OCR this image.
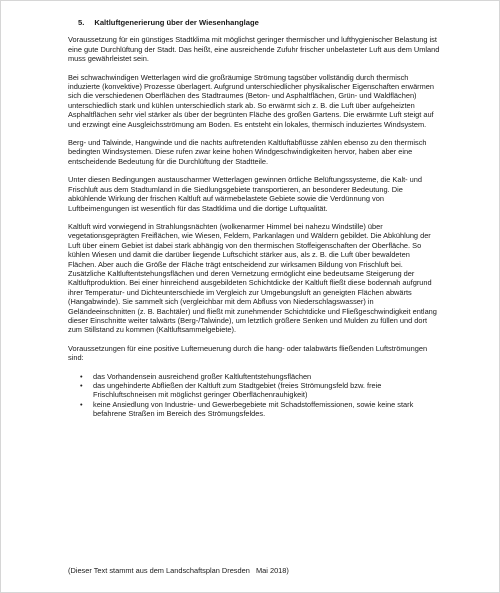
5. Kaltluftgenerierung über der Wiesenhanglage

Voraussetzung für ein günstiges Stadtklima mit möglichst geringer thermischer und lufthygienischer Belastung ist eine gute Durchlüftung der Stadt. Das heißt, eine ausreichende Zufuhr frischer unbelasteter Luft aus dem Umland muss gewährleistet sein.

Bei schwachwindigen Wetterlagen wird die großräumige Strömung tagsüber vollständig durch thermisch induzierte (konvektive) Prozesse überlagert. Aufgrund unterschiedlicher physikalischer Eigenschaften erwärmen sich die verschiedenen Oberflächen des Stadtraumes (Beton- und Asphaltflächen, Grün- und Waldflächen) unterschiedlich stark und kühlen unterschiedlich stark ab. So erwärmt sich z. B. die Luft über aufgeheizten Asphaltflächen sehr viel stärker als über der begrünten Fläche des großen Gartens. Die erwärmte Luft steigt auf und erzwingt eine Ausgleichsströmung am Boden. Es entsteht ein lokales, thermisch induziertes Windsystem.

Berg- und Talwinde, Hangwinde und die nachts auftretenden Kaltluftabflüsse zählen ebenso zu den thermisch bedingten Windsystemen. Diese rufen zwar keine hohen Windgeschwindigkeiten hervor, haben aber eine entscheidende Bedeutung für die Durchlüftung der Stadtteile.

Unter diesen Bedingungen austauscharmer Wetterlagen gewinnen örtliche Belüftungssysteme, die Kalt- und Frischluft aus dem Stadtumland in die Siedlungsgebiete transportieren, an besonderer Bedeutung. Die abkühlende Wirkung der frischen Kaltluft auf wärmebelastete Gebiete sowie die Verdünnung von Luftbeimengungen ist wesentlich für das Stadtklima und die dortige Luftqualität.

Kaltluft wird vorwiegend in Strahlungsnächten (wolkenarmer Himmel bei nahezu Windstille) über vegetationsgeprägten Freiflächen, wie Wiesen, Feldern, Parkanlagen und Wäldern gebildet. Die Abkühlung der Luft über einem Gebiet ist dabei stark abhängig von den thermischen Stoffeigenschaften der Oberfläche. So kühlen Wiesen und damit die darüber liegende Luftschicht stärker aus, als z. B. die Luft über bewaldeten Flächen. Aber auch die Größe der Fläche trägt entscheidend zur wirksamen Bildung von Frischluft bei. Zusätzliche Kaltluftentstehungsflächen und deren Vernetzung ermöglicht eine bedeutsame Steigerung der Kaltluftproduktion. Bei einer hinreichend ausgebildeten Schichtdicke der Kaltluft fließt diese bodennah aufgrund ihrer Temperatur- und Dichteunterschiede im Vergleich zur Umgebungsluft an geneigten Flächen abwärts (Hangabwinde). Sie sammelt sich (vergleichbar mit dem Abfluss von Niederschlagswasser) in Geländeeinschnitten (z. B. Bachtäler) und fließt mit zunehmender Schichtdicke und Fließgeschwindigkeit entlang dieser Einschnitte weiter talwärts (Berg-/Talwinde), um letztlich größere Senken und Mulden zu füllen und dort zum Stillstand zu kommen (Kaltluftsammelgebiete).

Voraussetzungen für eine positive Lufterneuerung durch die hang- oder talabwärts fließenden Luftströmungen sind:

• das Vorhandensein ausreichend großer Kaltluftentstehungsflächen
• das ungehinderte Abfließen der Kaltluft zum Stadtgebiet (freies Strömungsfeld bzw. freie Frischluftschneisen mit möglichst geringer Oberflächenrauhigkeit)
• keine Ansiedlung von Industrie- und Gewerbegebiete mit Schadstoffemissionen, sowie keine stark befahrene Straßen im Bereich des Strömungsfeldes.
(Dieser Text stammt aus dem Landschaftsplan Dresden   Mai 2018)
